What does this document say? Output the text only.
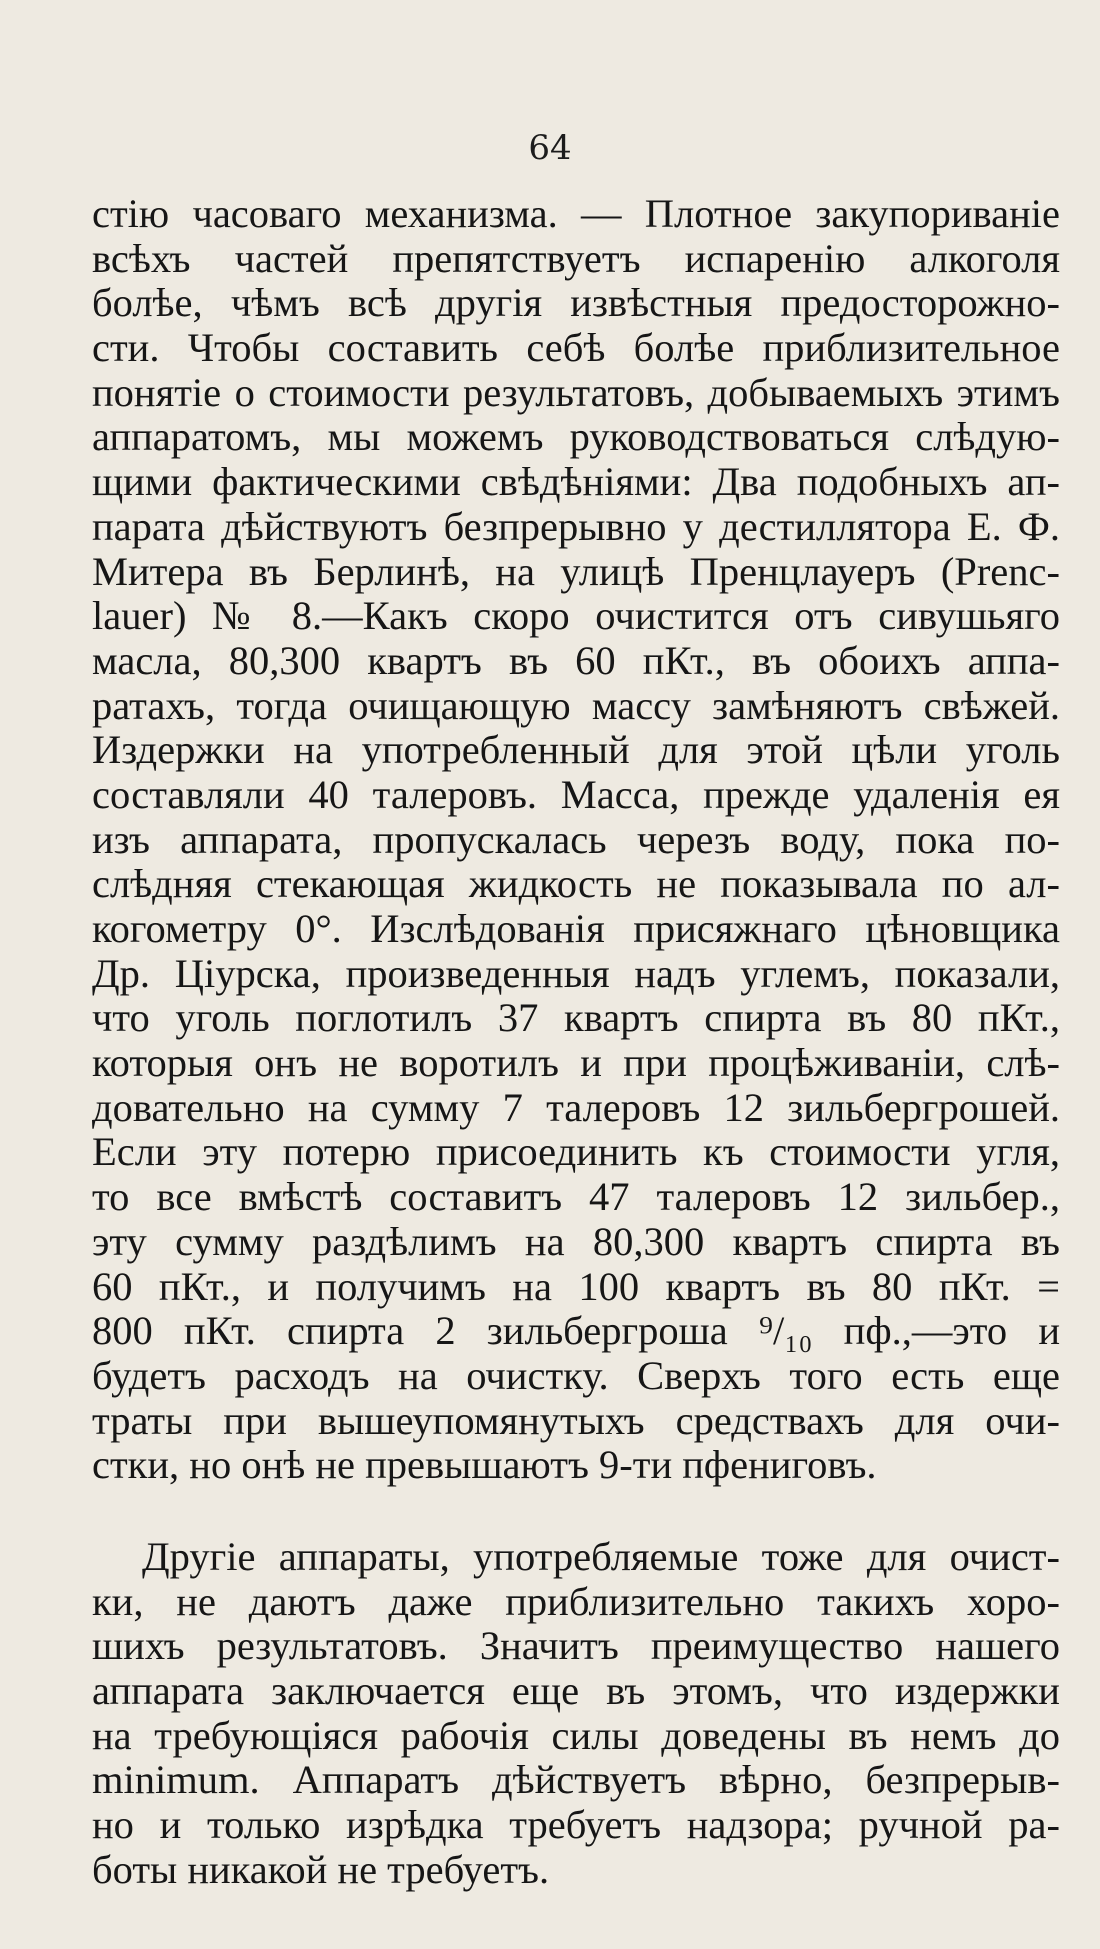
64
стію часоваго механизма. — Плотное закупориваніе
всѣхъ частей препятствуетъ испаренію алкоголя
болѣе, чѣмъ всѣ другія извѣстныя предосторожно-
сти. Чтобы составить себѣ болѣе приблизительное
понятіе о стоимости результатовъ, добываемыхъ этимъ
аппаратомъ, мы можемъ руководствоваться слѣдую-
щими фактическими свѣдѣніями: Два подобныхъ ап-
парата дѣйствуютъ безпрерывно у дестиллятора Е. Ф.
Митера въ Берлинѣ, на улицѣ Пренцлауеръ (Prenc-
lauer) № 8.—Какъ скоро очистится отъ сивушьяго
масла, 80,300 квартъ въ 60 пКт., въ обоихъ аппа-
ратахъ, тогда очищающую массу замѣняютъ свѣжей.
Издержки на употребленный для этой цѣли уголь
составляли 40 талеровъ. Масса, прежде удаленія ея
изъ аппарата, пропускалась черезъ воду, пока по-
слѣдняя стекающая жидкость не показывала по ал-
когометру 0°. Изслѣдованія присяжнаго цѣновщика
Др. Ціурска, произведенныя надъ углемъ, показали,
что уголь поглотилъ 37 квартъ спирта въ 80 пКт.,
которыя онъ не воротилъ и при процѣживаніи, слѣ-
довательно на сумму 7 талеровъ 12 зильбергрошей.
Если эту потерю присоединить къ стоимости угля,
то все вмѣстѣ составитъ 47 талеровъ 12 зильбер.,
эту сумму раздѣлимъ на 80,300 квартъ спирта въ
60 пКт., и получимъ на 100 квартъ въ 80 пКт. =
800 пКт. спирта 2 зильбергроша ⁹/₁₀ пф.,—это и
будетъ расходъ на очистку. Сверхъ того есть еще
траты при вышеупомянутыхъ средствахъ для очи-
стки, но онѣ не превышаютъ 9-ти пфениговъ.
Другіе аппараты, употребляемые тоже для очист-
ки, не даютъ даже приблизительно такихъ хоро-
шихъ результатовъ. Значитъ преимущество нашего
аппарата заключается еще въ этомъ, что издержки
на требующіяся рабочія силы доведены въ немъ до
minimum. Аппаратъ дѣйствуетъ вѣрно, безпрерыв-
но и только изрѣдка требуетъ надзора; ручной ра-
боты никакой не требуетъ.
